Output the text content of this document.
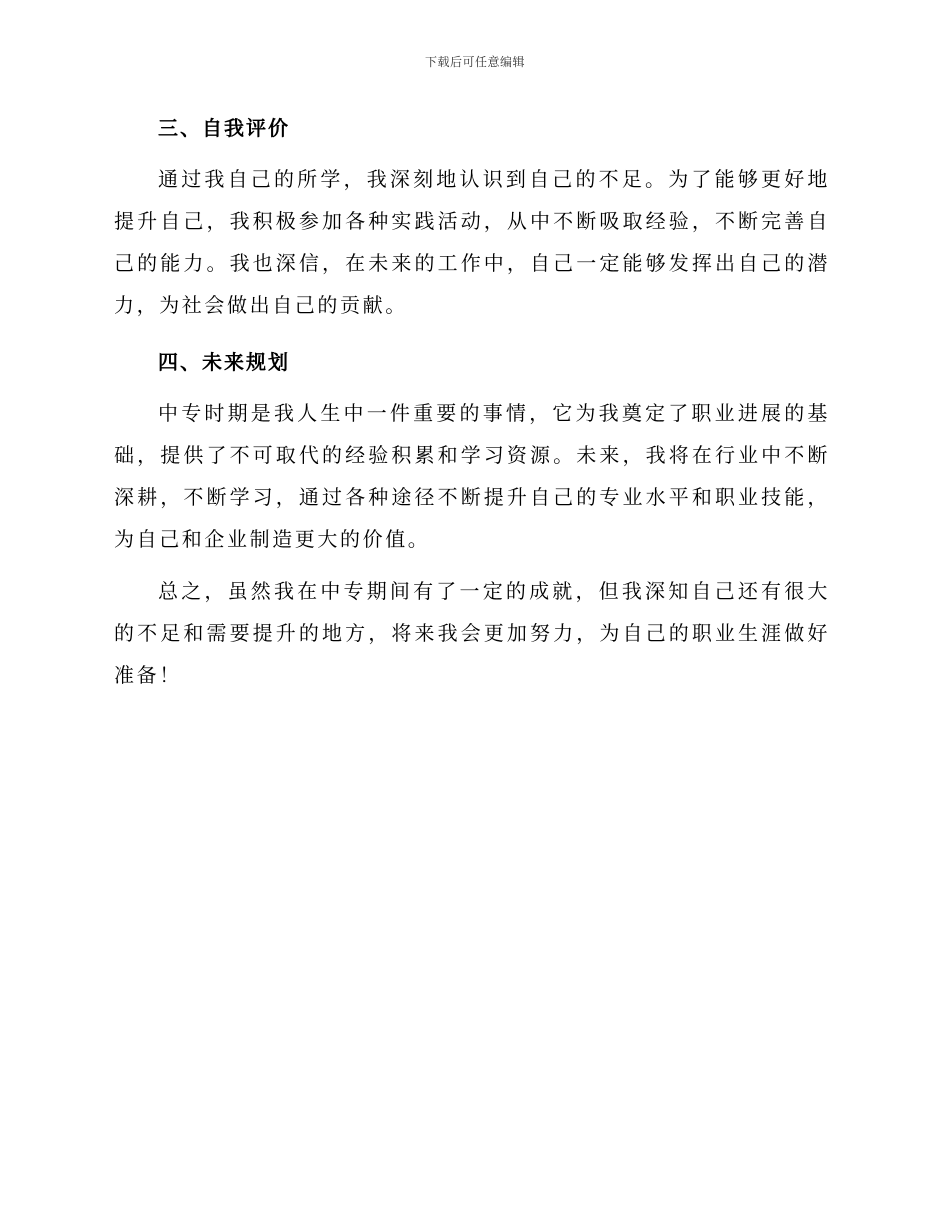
下载后可任意编辑
三、自我评价

通过我自己的所学，我深刻地认识到自己的不足。为了能够更好地提升自己，我积极参加各种实践活动，从中不断吸取经验，不断完善自己的能力。我也深信，在未来的工作中，自己一定能够发挥出自己的潜力，为社会做出自己的贡献。

四、未来规划

中专时期是我人生中一件重要的事情，它为我奠定了职业进展的基础，提供了不可取代的经验积累和学习资源。未来，我将在行业中不断深耕，不断学习，通过各种途径不断提升自己的专业水平和职业技能，为自己和企业制造更大的价值。

总之，虽然我在中专期间有了一定的成就，但我深知自己还有很大的不足和需要提升的地方，将来我会更加努力，为自己的职业生涯做好准备！
